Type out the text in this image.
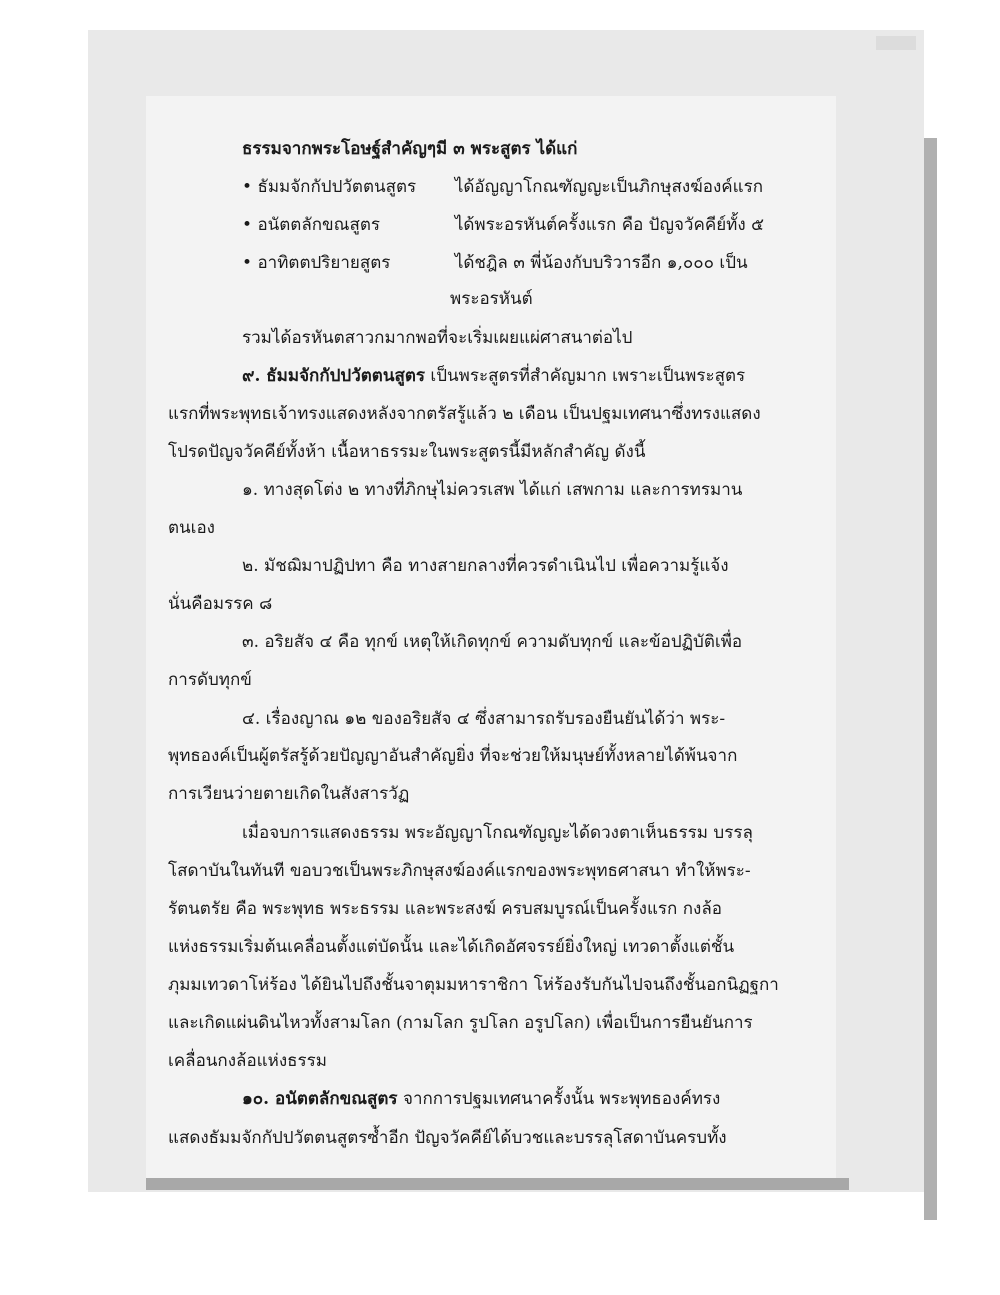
ธรรมจากพระโอษฐ์สำคัญๆมี ๓ พระสูตร ได้แก่
• ธัมมจักกัปปวัตตนสูตร ได้อัญญาโกณฑัญญะเป็นภิกษุสงฆ์องค์แรก
• อนัตตลักขณสูตร	ได้พระอรหันต์ครั้งแรก คือ ปัญจวัคคีย์ทั้ง ๕
• อาทิตตปริยายสูตร	ได้ชฎิล ๓ พี่น้องกับบริวารอีก ๑,๐๐๐ เป็น
พระอรหันต์
รวมได้อรหันตสาวกมากพอที่จะเริ่มเผยแผ่ศาสนาต่อไป
๙. ธัมมจักกัปปวัตตนสูตร เป็นพระสูตรที่สำคัญมาก เพราะเป็นพระสูตร
แรกที่พระพุทธเจ้าทรงแสดงหลังจากตรัสรู้แล้ว ๒ เดือน เป็นปฐมเทศนาซึ่งทรงแสดง
โปรดปัญจวัคคีย์ทั้งห้า เนื้อหาธรรมะในพระสูตรนี้มีหลักสำคัญ ดังนี้
๑. ทางสุดโต่ง ๒ ทางที่ภิกษุไม่ควรเสพ ได้แก่ เสพกาม และการทรมาน
ตนเอง
๒. มัชฌิมาปฏิปทา คือ ทางสายกลางที่ควรดำเนินไป เพื่อความรู้แจ้ง
นั่นคือมรรค ๘
๓. อริยสัจ ๔ คือ ทุกข์ เหตุให้เกิดทุกข์ ความดับทุกข์ และข้อปฏิบัติเพื่อ
การดับทุกข์
๔. เรื่องญาณ ๑๒ ของอริยสัจ ๔ ซึ่งสามารถรับรองยืนยันได้ว่า พระ-
พุทธองค์เป็นผู้ตรัสรู้ด้วยปัญญาอันสำคัญยิ่ง ที่จะช่วยให้มนุษย์ทั้งหลายได้พ้นจาก
การเวียนว่ายตายเกิดในสังสารวัฏ
เมื่อจบการแสดงธรรม พระอัญญาโกณฑัญญะได้ดวงตาเห็นธรรม บรรลุ
โสดาบันในทันที ขอบวชเป็นพระภิกษุสงฆ์องค์แรกของพระพุทธศาสนา ทำให้พระ-
รัตนตรัย คือ พระพุทธ พระธรรม และพระสงฆ์ ครบสมบูรณ์เป็นครั้งแรก กงล้อ
แห่งธรรมเริ่มต้นเคลื่อนตั้งแต่บัดนั้น และได้เกิดอัศจรรย์ยิ่งใหญ่ เทวดาตั้งแต่ชั้น
ภุมมเทวดาโห่ร้อง ได้ยินไปถึงชั้นจาตุมมหาราชิกา โห่ร้องรับกันไปจนถึงชั้นอกนิฏฐกา
และเกิดแผ่นดินไหวทั้งสามโลก (กามโลก รูปโลก อรูปโลก) เพื่อเป็นการยืนยันการ
เคลื่อนกงล้อแห่งธรรม
๑๐. อนัตตลักขณสูตร จากการปฐมเทศนาครั้งนั้น พระพุทธองค์ทรง
แสดงธัมมจักกัปปวัตตนสูตรซ้ำอีก ปัญจวัคคีย์ได้บวชและบรรลุโสดาบันครบทั้ง
